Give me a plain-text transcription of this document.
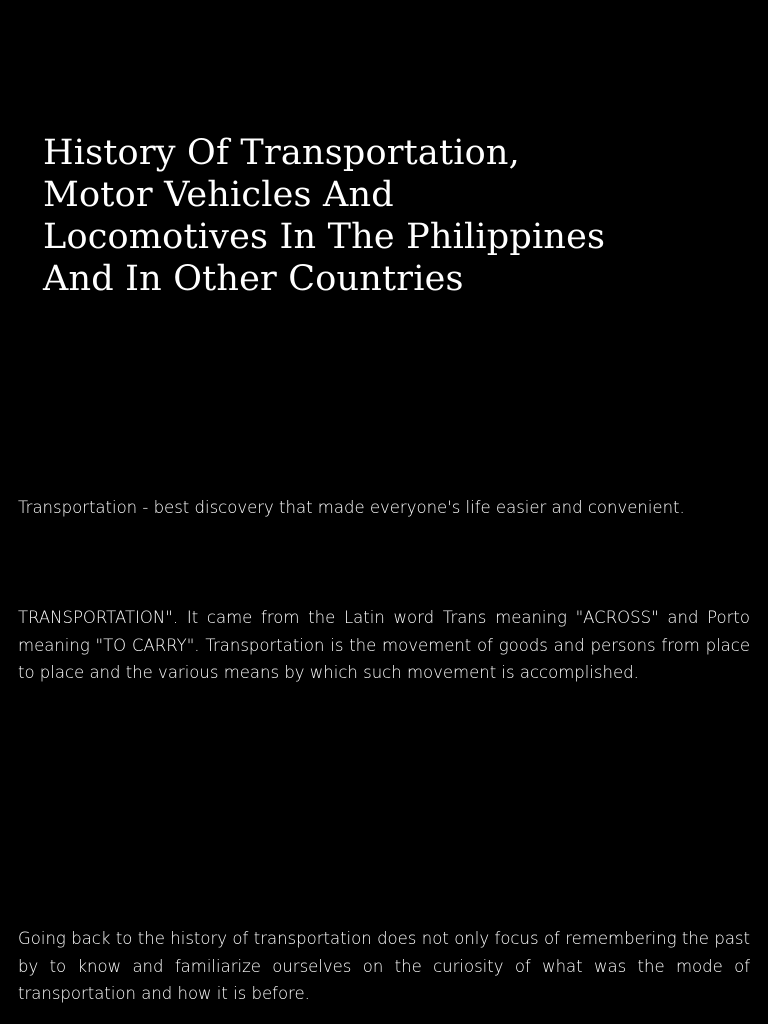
History Of Transportation,
Motor Vehicles And
Locomotives In The Philippines
And In Other Countries

Transportation - best discovery that made everyone's life easier and convenient.

TRANSPORTATION". It came from the Latin word Trans meaning "ACROSS" and Porto meaning "TO CARRY". Transportation is the movement of goods and persons from place to place and the various means by which such movement is accomplished.

Going back to the history of transportation does not only focus of remembering the past by to know and familiarize ourselves on the curiosity of what was the mode of transportation and how it is before.
